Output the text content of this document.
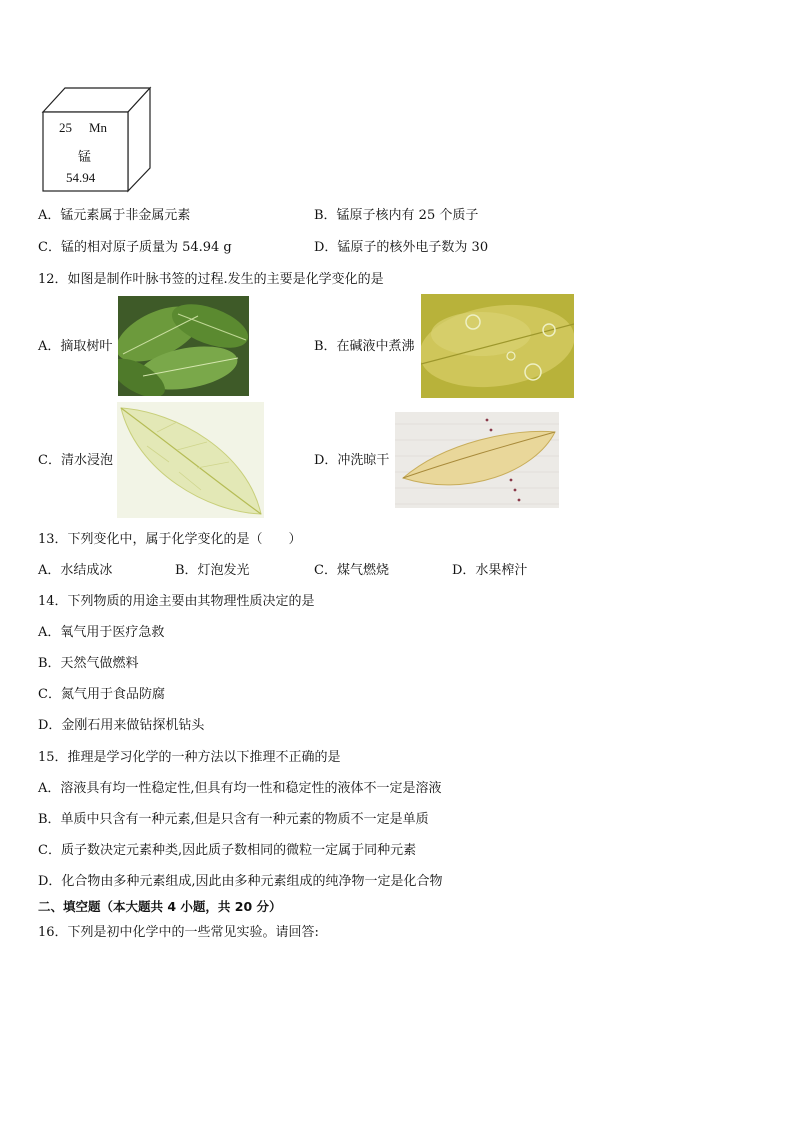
25 Mn
锰
54.94
A．锰元素属于非金属元素	B．锰原子核内有 25 个质子
C．锰的相对原子质量为 54.94 g	D．锰原子的核外电子数为 30
12．如图是制作叶脉书签的过程.发生的主要是化学变化的是
A．摘取树叶	B．在碱液中煮沸
C．清水浸泡	D．冲洗晾干
13．下列变化中，属于化学变化的是（　　）
A．水结成冰	B．灯泡发光	C．煤气燃烧	D．水果榨汁
14．下列物质的用途主要由其物理性质决定的是
A．氧气用于医疗急救
B．天然气做燃料
C．氮气用于食品防腐
D．金刚石用来做钻探机钻头
15．推理是学习化学的一种方法以下推理不正确的是
A．溶液具有均一性稳定性,但具有均一性和稳定性的液体不一定是溶液
B．单质中只含有一种元素,但是只含有一种元素的物质不一定是单质
C．质子数决定元素种类,因此质子数相同的微粒一定属于同种元素
D．化合物由多种元素组成,因此由多种元素组成的纯净物一定是化合物
二、填空题（本大题共 4 小题，共 20 分）
16．下列是初中化学中的一些常见实验。请回答:
